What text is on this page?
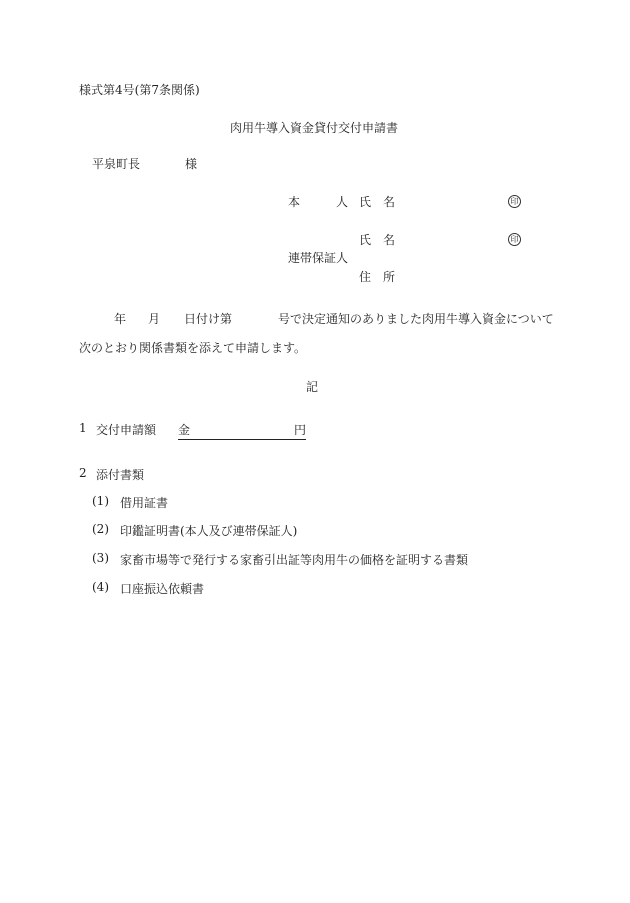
様式第4号(第7条関係)
肉用牛導入資金貸付交付申請書
平泉町長	様
本　　　人 氏　名	印
氏　名	印
連帯保証人
住　所
年 月 日付け第	号で決定通知のありました肉用牛導入資金について
次のとおり関係書類を添えて申請します。
記
1 交付申請額 金	円
2 添付書類
(1) 借用証書
(2) 印鑑証明書(本人及び連帯保証人)
(3) 家畜市場等で発行する家畜引出証等肉用牛の価格を証明する書類
(4) 口座振込依頼書
